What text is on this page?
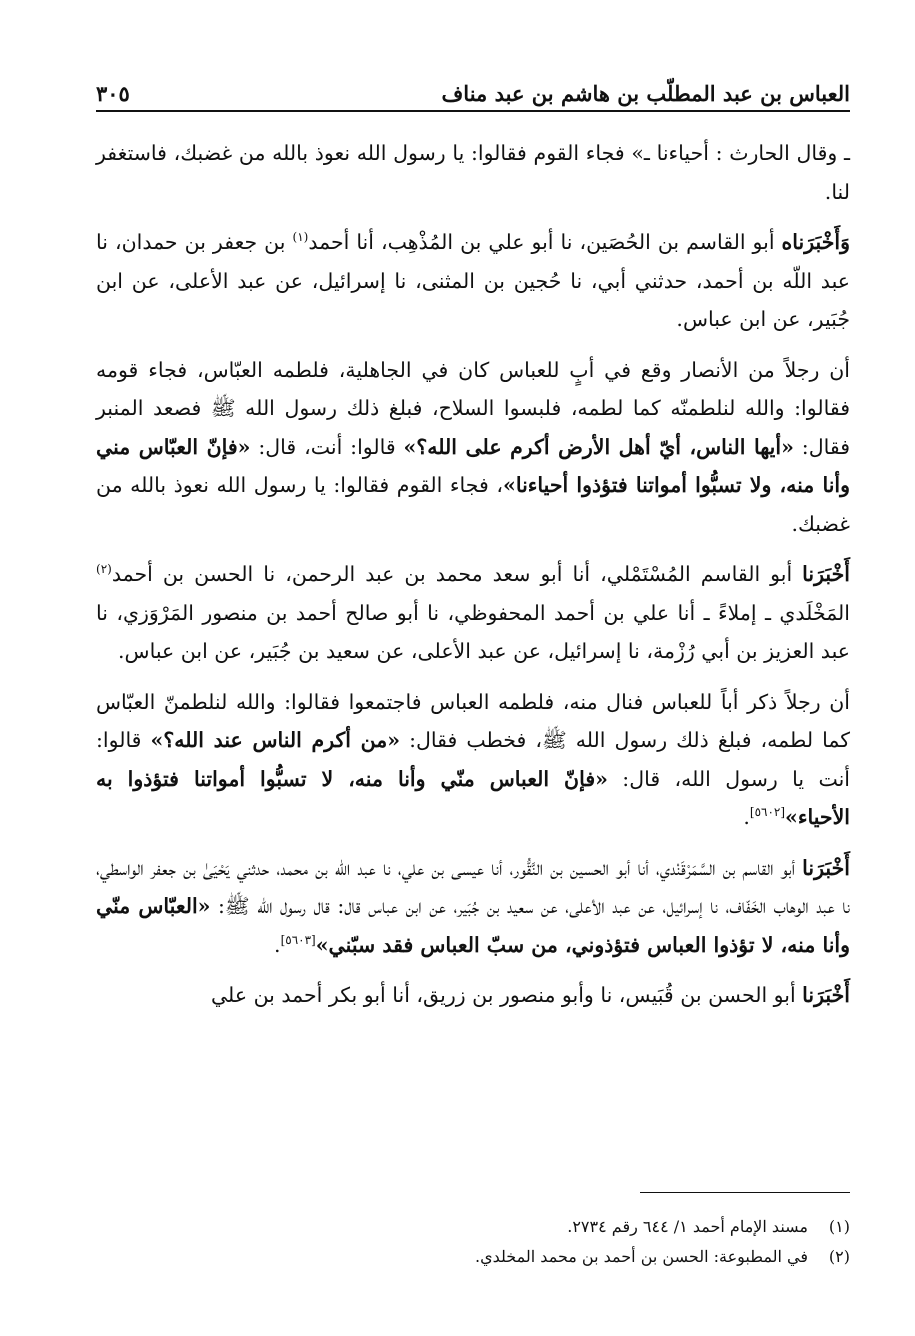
العباس بن عبد المطلّب بن هاشم بن عبد مناف
٣٠٥

ـ وقال الحارث : أحياءنا ـ» فجاء القوم فقالوا: يا رسول الله نعوذ بالله من غضبك، فاستغفر لنا.

وَأَخْبَرَناه أبو القاسم بن الحُصَين، نا أبو علي بن المُذْهِب، أنا أحمد$^{(١)}$ بن جعفر بن حمدان، نا عبد اللّه بن أحمد، حدثني أبي، نا حُجين بن المثنى، نا إسرائيل، عن عبد الأعلى، عن ابن جُبَير، عن ابن عباس.

أن رجلاً من الأنصار وقع في أبٍ للعباس كان في الجاهلية، فلطمه العبّاس، فجاء قومه فقالوا: والله لنلطمنّه كما لطمه، فلبسوا السلاح، فبلغ ذلك رسول الله ﷺ فصعد المنبر فقال: «أيها الناس، أيّ أهل الأرض أكرم على الله؟» قالوا: أنت، قال: «فإنّ العبّاس مني وأنا منه، ولا تسبُّوا أمواتنا فتؤذوا أحياءنا»، فجاء القوم فقالوا: يا رسول الله نعوذ بالله من غضبك.

أَخْبَرَنا أبو القاسم المُسْتَمْلي، أنا أبو سعد محمد بن عبد الرحمن، نا الحسن بن أحمد$^{(٢)}$ المَخْلَدي ـ إملاءً ـ أنا علي بن أحمد المحفوظي، نا أبو صالح أحمد بن منصور المَرْوَزي، نا عبد العزيز بن أبي رُزْمة، نا إسرائيل، عن عبد الأعلى، عن سعيد بن جُبَير، عن ابن عباس.

أن رجلاً ذكر أباً للعباس فنال منه، فلطمه العباس فاجتمعوا فقالوا: والله لنلطمنّ العبّاس كما لطمه، فبلغ ذلك رسول الله ﷺ، فخطب فقال: «من أكرم الناس عند الله؟» قالوا: أنت يا رسول الله، قال: «فإنّ العباس منّي وأنا منه، لا تسبُّوا أمواتنا فتؤذوا به الأحياء»[٥٦٠٢].

أَخْبَرَنا أبو القاسم بن السَّمَرْقَنْدي، أنا أبو الحسين بن النَّقُّور، أنا عيسى بن علي، نا عبد اللّه بن محمد، حدثني يَحْيَىٰ بن جعفر الواسطي، نا عبد الوهاب الخَفّاف، نا إسرائيل، عن عبد الأعلى، عن سعيد بن جُبَير، عن ابن عباس قال: قال رسول الله ﷺ: «العبّاس منّي وأنا منه، لا تؤذوا العباس فتؤذوني، من سبّ العباس فقد سبّني»[٥٦٠٣].

أَخْبَرَنا أبو الحسن بن قُبَيس، نا وأبو منصور بن زريق، أنا أبو بكر أحمد بن علي

(١)مسند الإمام أحمد ١/ ٦٤٤ رقم ٢٧٣٤.

(٢)في المطبوعة: الحسن بن أحمد بن محمد المخلدي.
